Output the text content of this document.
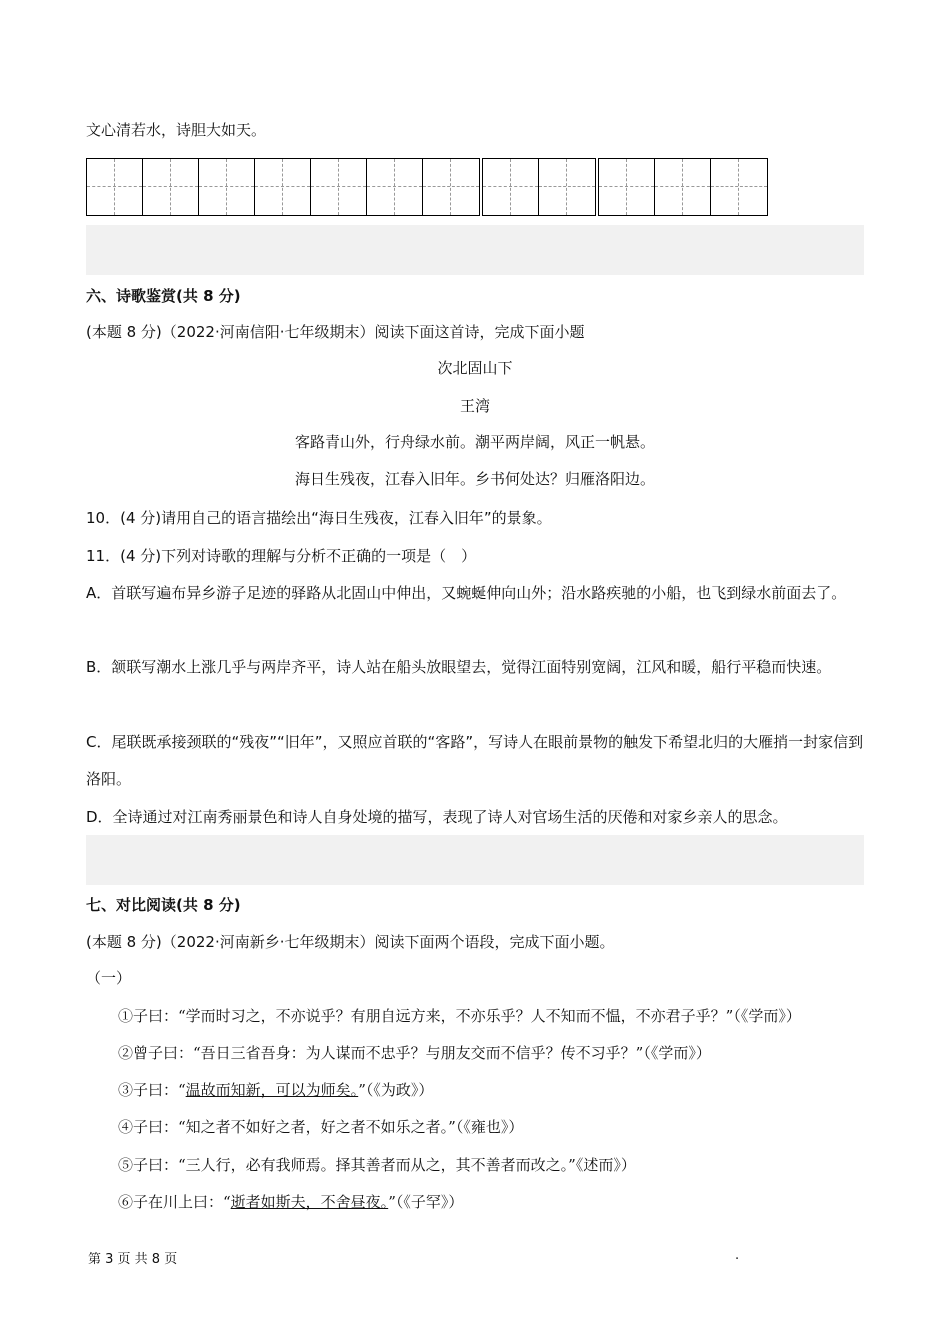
文心清若水，诗胆大如天。
六、诗歌鉴赏(共 8 分)
(本题 8 分)（2022·河南信阳·七年级期末）阅读下面这首诗，完成下面小题
次北固山下
王湾
客路青山外，行舟绿水前。潮平两岸阔，风正一帆悬。
海日生残夜，江春入旧年。乡书何处达？归雁洛阳边。
10．(4 分)请用自己的语言描绘出“海日生残夜，江春入旧年”的景象。
11．(4 分)下列对诗歌的理解与分析不正确的一项是（　）
A．首联写遍布异乡游子足迹的驿路从北固山中伸出，又蜿蜒伸向山外；沿水路疾驰的小船，也飞到绿水前面去了。
B．颔联写潮水上涨几乎与两岸齐平，诗人站在船头放眼望去，觉得江面特别宽阔，江风和暖，船行平稳而快速。
C．尾联既承接颈联的“残夜”“旧年”，又照应首联的“客路”，写诗人在眼前景物的触发下希望北归的大雁捎一封家信到洛阳。
D．全诗通过对江南秀丽景色和诗人自身处境的描写，表现了诗人对官场生活的厌倦和对家乡亲人的思念。
七、对比阅读(共 8 分)
(本题 8 分)（2022·河南新乡·七年级期末）阅读下面两个语段，完成下面小题。
（一）
①子曰：“学而时习之，不亦说乎？有朋自远方来，不亦乐乎？人不知而不愠，不亦君子乎？”（《学而》）
②曾子曰：“吾日三省吾身：为人谋而不忠乎？与朋友交而不信乎？传不习乎？”（《学而》）
③子曰：“温故而知新，可以为师矣。”（《为政》）
④子曰：“知之者不如好之者，好之者不如乐之者。”（《雍也》）
⑤子曰：“三人行，必有我师焉。择其善者而从之，其不善者而改之。”《述而》）
⑥子在川上曰：“逝者如斯夫，不舍昼夜。”（《子罕》）
第 3 页 共 8 页	.
